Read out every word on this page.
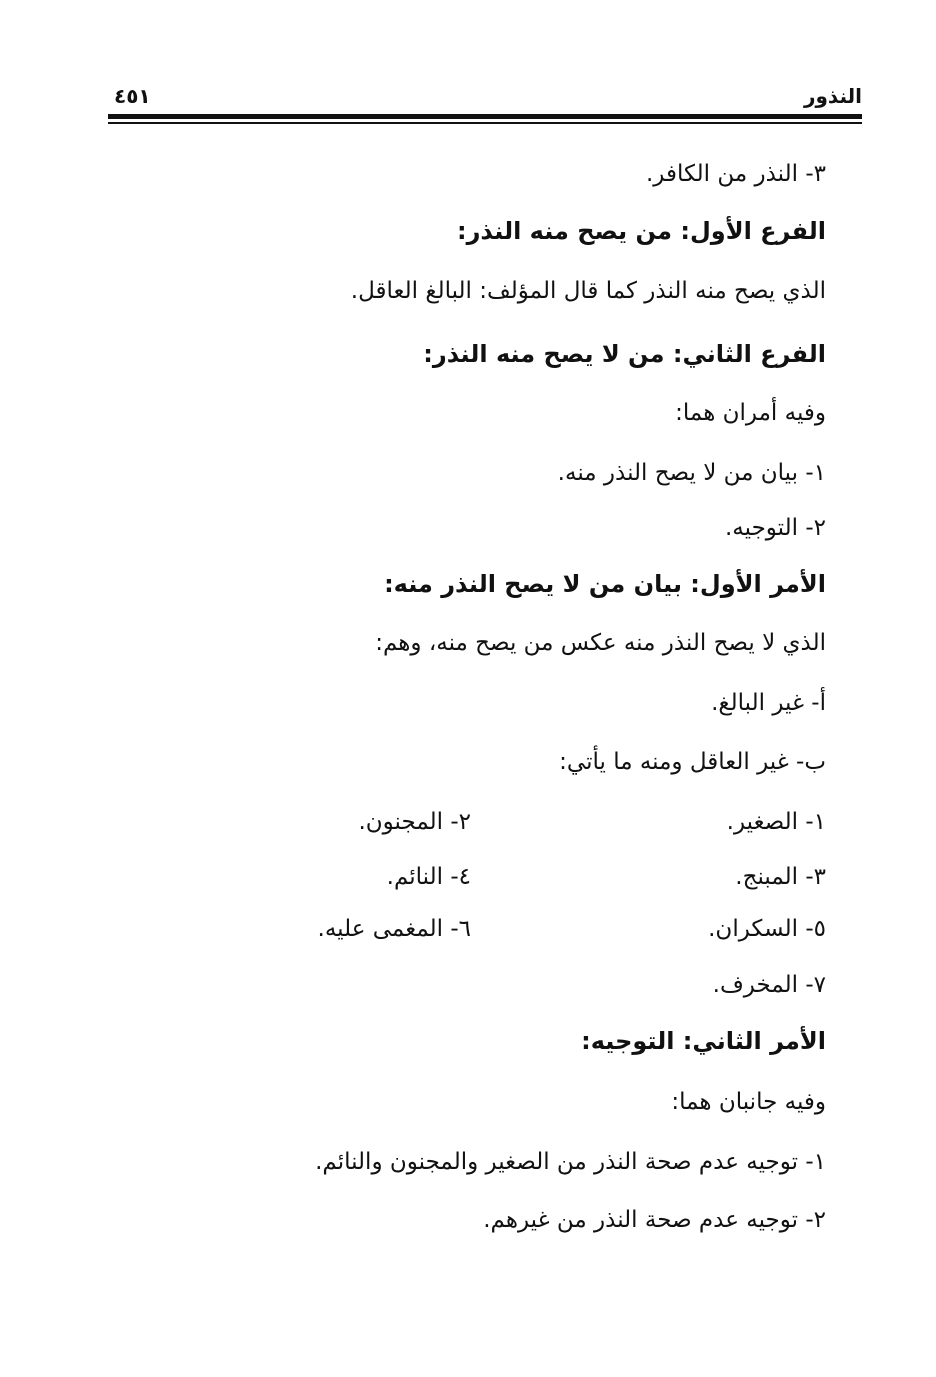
النذور
٤٥١
٣- النذر من الكافر.
الفرع الأول: من يصح منه النذر:
الذي يصح منه النذر كما قال المؤلف: البالغ العاقل.
الفرع الثاني: من لا يصح منه النذر:
وفيه أمران هما:
١- بيان من لا يصح النذر منه.
٢- التوجيه.
الأمر الأول: بيان من لا يصح النذر منه:
الذي لا يصح النذر منه عكس من يصح منه، وهم:
أ- غير البالغ.
ب- غير العاقل ومنه ما يأتي:
١- الصغير.
٢- المجنون.
٣- المبنج.
٤- النائم.
٥- السكران.
٦- المغمى عليه.
٧- المخرف.
الأمر الثاني: التوجيه:
وفيه جانبان هما:
١- توجيه عدم صحة النذر من الصغير والمجنون والنائم.
٢- توجيه عدم صحة النذر من غيرهم.
